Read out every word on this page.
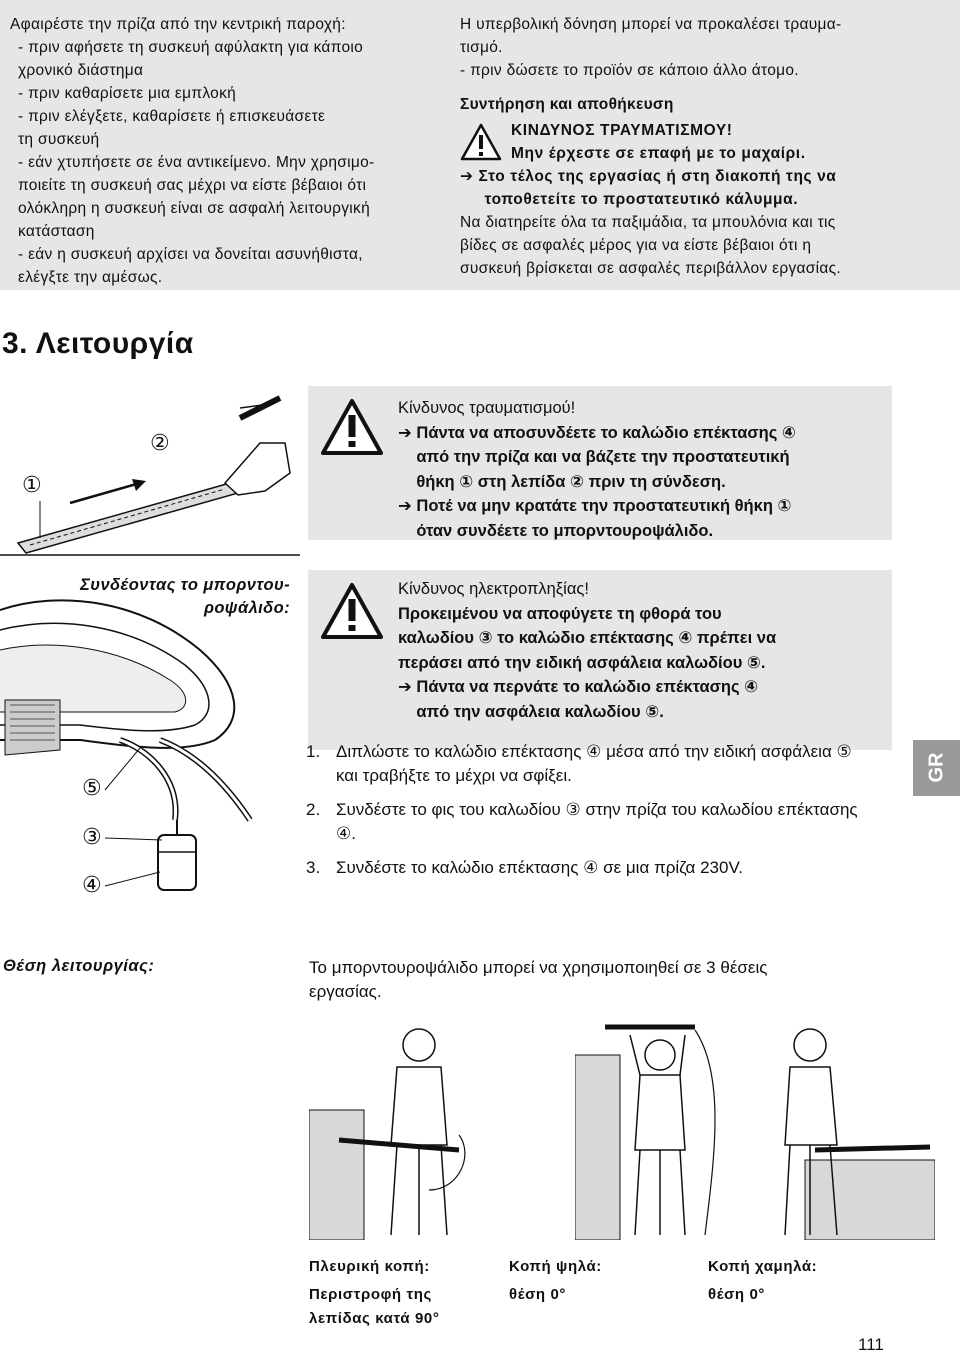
Αφαιρέστε την πρίζα από την κεντρική παροχή:
- πριν αφήσετε τη συσκευή αφύλακτη για κάποιο
χρονικό διάστημα
- πριν καθαρίσετε μια εμπλοκή
- πριν ελέγξετε, καθαρίσετε ή επισκευάσετε
τη συσκευή
- εάν χτυπήσετε σε ένα αντικείμενο. Μην χρησιμο-
ποιείτε τη συσκευή σας μέχρι να είστε βέβαιοι ότι
ολόκληρη η συσκευή είναι σε ασφαλή λειτουργική
κατάσταση
- εάν η συσκευή αρχίσει να δονείται ασυνήθιστα,
ελέγξτε την αμέσως.
Η υπερβολική δόνηση μπορεί να προκαλέσει τραυμα-
τισμό.
- πριν δώσετε το προϊόν σε κάποιο άλλο άτομο.
Συντήρηση και αποθήκευση
ΚΙΝΔΥΝΟΣ ΤΡΑΥΜΑΤΙΣΜΟΥ!
Μην έρχεστε σε επαφή με το μαχαίρι.
➔ Στο τέλος της εργασίας ή στη διακοπή της να
τοποθετείτε το προστατευτικό κάλυμμα.
Να διατηρείτε όλα τα παξιμάδια, τα μπουλόνια και τις
βίδες σε ασφαλές μέρος για να είστε βέβαιοι ότι η
συσκευή βρίσκεται σε ασφαλές περιβάλλον εργασίας.
3. Λειτουργία
①
②
Κίνδυνος τραυματισμού!
➔ Πάντα να αποσυνδέετε το καλώδιο επέκτασης ④
από την πρίζα και να βάζετε την προστατευτική
θήκη ① στη λεπίδα ② πριν τη σύνδεση.
➔ Ποτέ να μην κρατάτε την προστατευτική θήκη ①
όταν συνδέετε το μπορντουροψάλιδο.
Συνδέοντας το μπορντου-
ροψάλιδο:
⑤
③
④
Κίνδυνος ηλεκτροπληξίας!
Προκειμένου να αποφύγετε τη φθορά του
καλωδίου ③ το καλώδιο επέκτασης ④ πρέπει να
περάσει από την ειδική ασφάλεια καλωδίου ⑤.
➔ Πάντα να περνάτε το καλώδιο επέκτασης ④
από την ασφάλεια καλωδίου ⑤.
1. Διπλώστε το καλώδιο επέκτασης ④ μέσα από την ειδική ασφάλεια ⑤ και τραβήξτε το μέχρι να σφίξει.
2. Συνδέστε το φις του καλωδίου ③ στην πρίζα του καλωδίου επέκτασης ④.
3. Συνδέστε το καλώδιο επέκτασης ④ σε μια πρίζα 230V.
GR
Θέση λειτουργίας:	Το μπορντουροψάλιδο μπορεί να χρησιμοποιηθεί σε 3 θέσεις
εργασίας.
Πλευρική κοπή:
Περιστροφή της
λεπίδας κατά 90°
Κοπή ψηλά:
θέση 0°
Κοπή χαμηλά:
θέση 0°
111
